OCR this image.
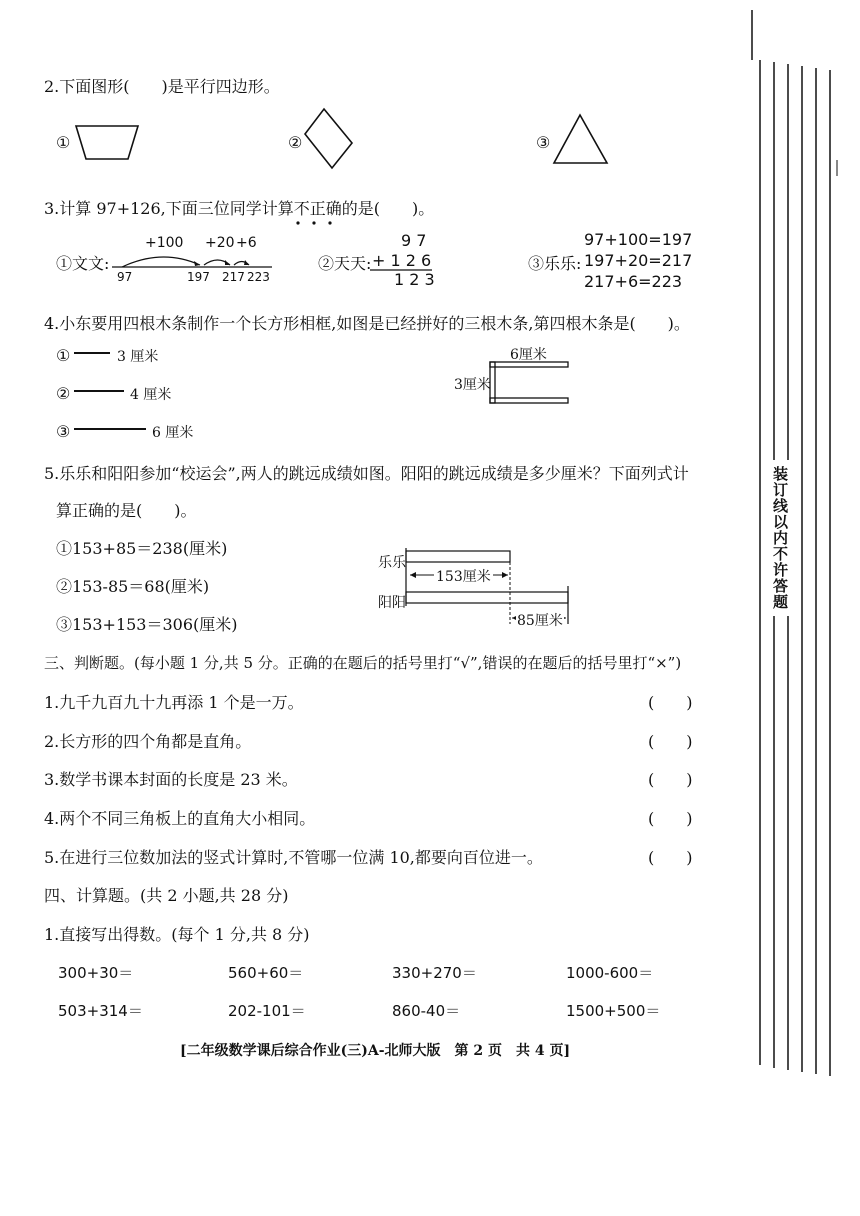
2.下面图形(　　)是平行四边形。
①	②	③
3.计算 97+126,下面三位同学计算不正确的是(　　)。
①文文:
+100 +20 +6
97	197 217 223
②天天:
9 7
+ 1 2 6
1 2 3
③乐乐:
97+100=197
197+20=217
217+6=223
4.小东要用四根木条制作一个长方形相框,如图是已经拼好的三根木条,第四根木条是(　　)。
①	3 厘米
②	4 厘米
③	6 厘米
6厘米
3厘米
5.乐乐和阳阳参加“校运会”,两人的跳远成绩如图。阳阳的跳远成绩是多少厘米？下面列式计
算正确的是(　　)。
①153+85＝238(厘米)
②153-85＝68(厘米)
③153+153＝306(厘米)
乐乐
阳阳
153厘米
85厘米
三、判断题。(每小题 1 分,共 5 分。正确的在题后的括号里打“√”,错误的在题后的括号里打“×”)
1.九千九百九十九再添 1 个是一万。	(　　)
2.长方形的四个角都是直角。	(　　)
3.数学书课本封面的长度是 23 米。	(　　)
4.两个不同三角板上的直角大小相同。	(　　)
5.在进行三位数加法的竖式计算时,不管哪一位满 10,都要向百位进一。	(　　)
四、计算题。(共 2 小题,共 28 分)
1.直接写出得数。(每个 1 分,共 8 分)
300+30＝	560+60＝	330+270＝	1000-600＝
503+314＝	202-101＝	860-40＝	1500+500＝
[二年级数学课后综合作业(三)A-北师大版　第 2 页　共 4 页]
装订线以内不许答题
